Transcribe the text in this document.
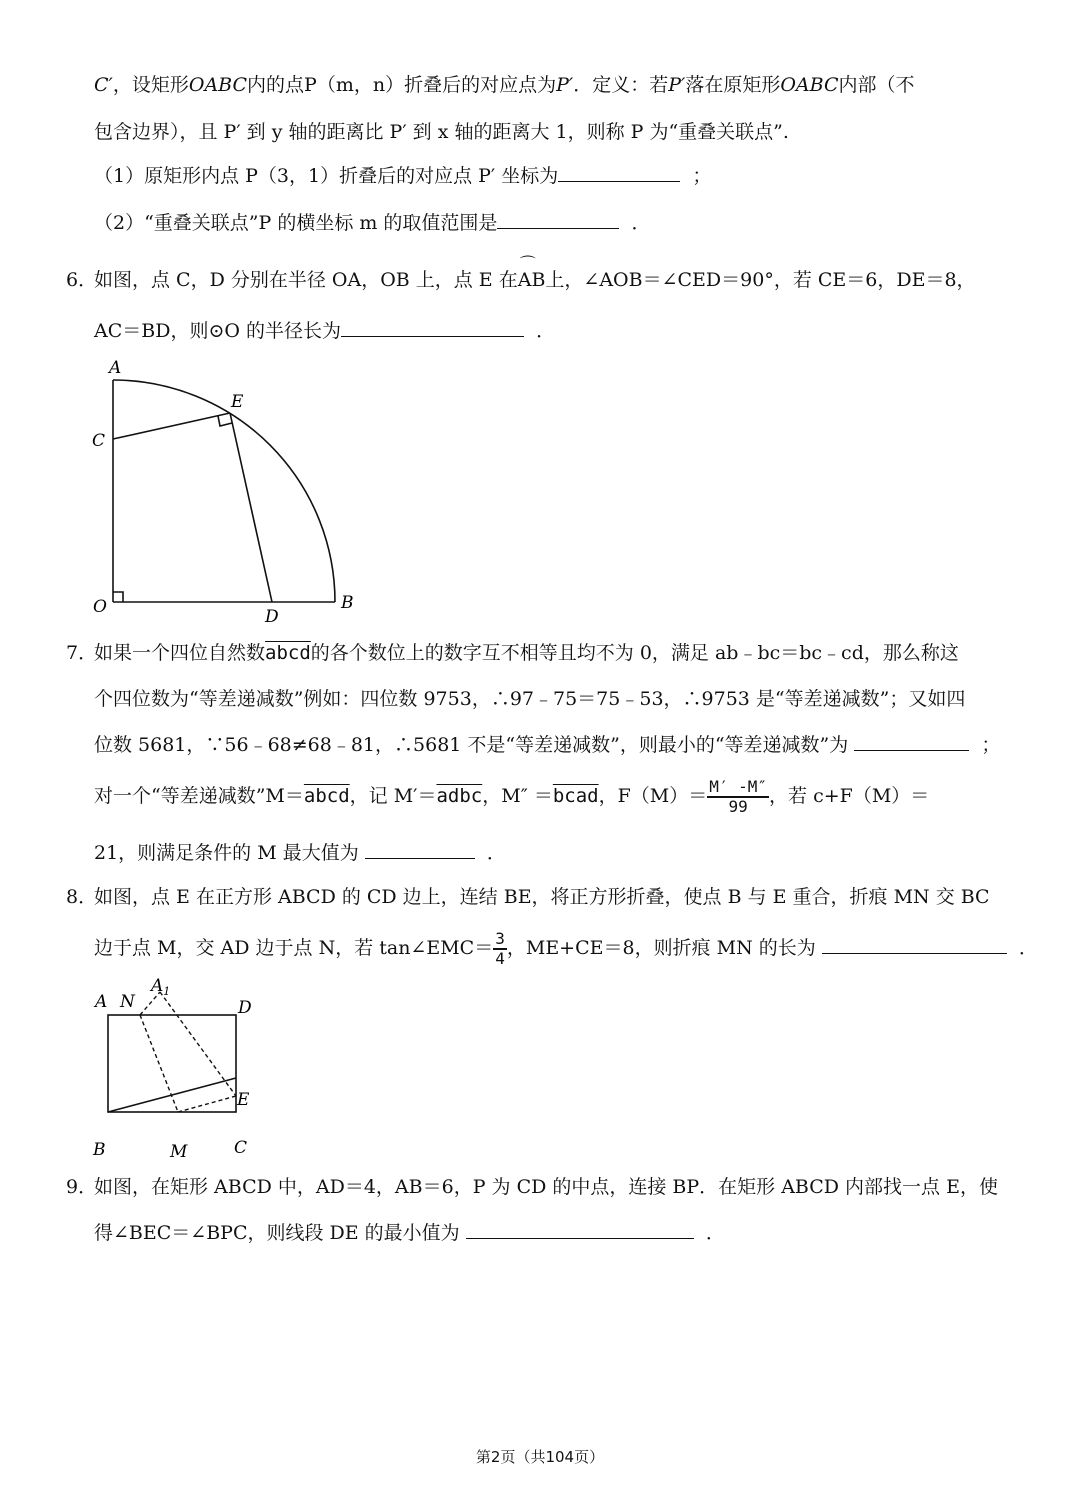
C′，设矩形OABC内的点P（m，n）折叠后的对应点为P′．定义：若P′落在原矩形OABC内部（不
包含边界），且 P′ 到 y 轴的距离比 P′ 到 x 轴的距离大 1，则称 P 为“重叠关联点”.
（1）原矩形内点 P（3，1）折叠后的对应点 P′ 坐标为	；
（2）“重叠关联点”P 的横坐标 m 的取值范围是	．
6．
如图，点 C，D 分别在半径 OA，OB 上，点 E 在⌒ AB上，∠AOB＝∠CED＝90°，若 CE＝6，DE＝8，
AC＝BD，则⊙O 的半径长为	．
A
E
C
O	D
B
7．
如果一个四位自然数abcd的各个数位上的数字互不相等且均不为 0，满足 ab﹣bc＝bc﹣cd，那么称这
个四位数为“等差递减数”例如：四位数 9753，∴97﹣75＝75﹣53，∴9753 是“等差递减数”；又如四
位数 5681，∵56﹣68≠68﹣81，∴5681 不是“等差递减数”，则最小的“等差递减数”为	；
对一个“等差递减数”M＝abcd，记 M′＝adbc，M″ ＝bcad，$F(M)= \frac{M' -M''}{99}$ ，若 c+F（M）＝
21，则满足条件的 M 最大值为	．
8．
如图，点 E 在正方形 ABCD 的 CD 边上，连结 BE，将正方形折叠，使点 B 与 E 重合，折痕 MN 交 BC
边于点 M，交 AD 边于点 N，若 tan∠EMC＝ $\frac{3}{4}$ ，ME+CE＝8，则折痕 MN 的长为	．
A N
$A_1$
D
E
B	M	C
9．
如图，在矩形 ABCD 中，AD＝4，AB＝6，P 为 CD 的中点，连接 BP．在矩形 ABCD 内部找一点 E，使
得∠BEC＝∠BPC，则线段 DE 的最小值为	．
第2页（共104页）
